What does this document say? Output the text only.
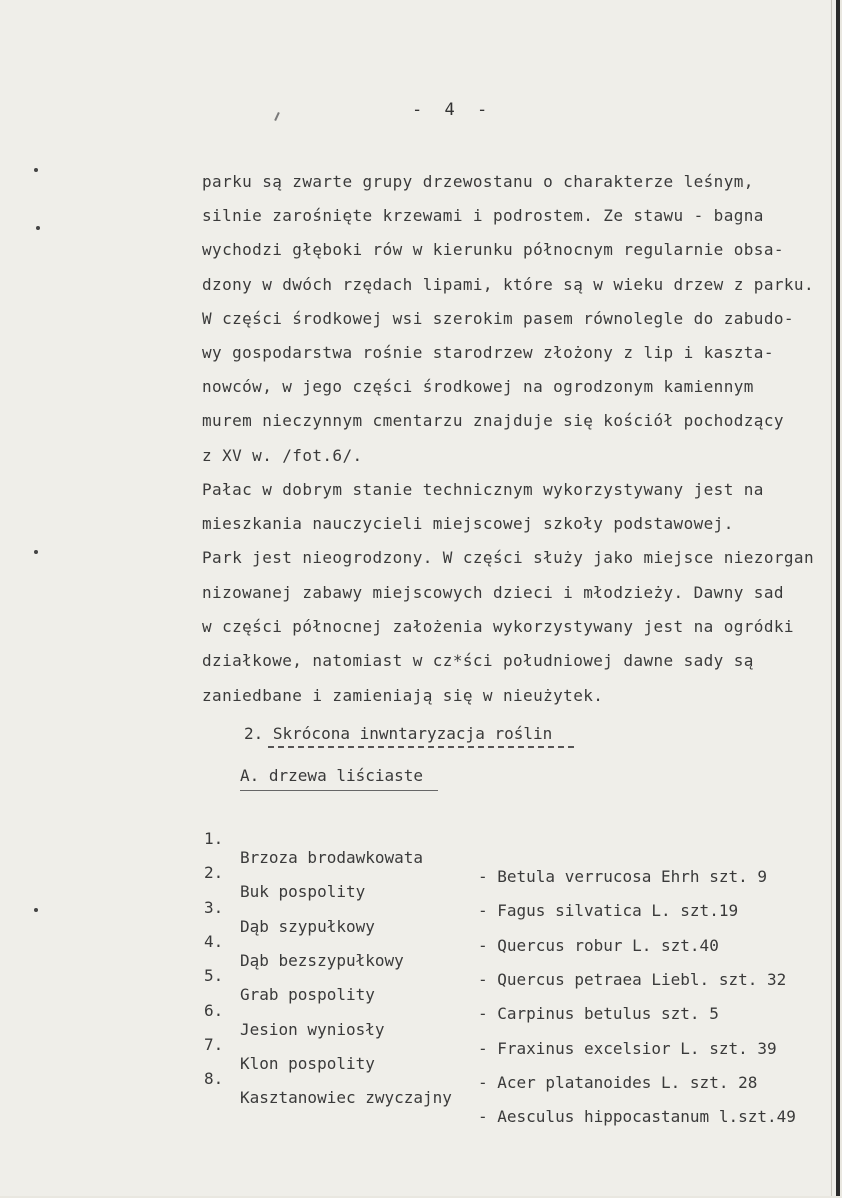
- 4 -
parku są zwarte grupy drzewostanu o charakterze leśnym,
silnie zarośnięte krzewami i podrostem. Ze stawu - bagna
wychodzi głęboki rów w kierunku północnym regularnie obsa-
dzony w dwóch rzędach lipami, które są w wieku drzew z parku.
W części środkowej wsi szerokim pasem równolegle do zabudo-
wy gospodarstwa rośnie starodrzew złożony z lip i kaszta-
nowców, w jego części środkowej na ogrodzonym kamiennym
murem nieczynnym cmentarzu znajduje się kościół pochodzący
z XV w. /fot.6/.
Pałac w dobrym stanie technicznym wykorzystywany jest na
mieszkania nauczycieli miejscowej szkoły podstawowej.
Park jest nieogrodzony. W części służy jako miejsce niezorgan
nizowanej zabawy miejscowych dzieci i młodzieży. Dawny sad
w części północnej założenia wykorzystywany jest na ogródki
działkowe, natomiast w cz*ści południowej dawne sady są
zaniedbane i zamieniają się w nieużytek.
2. Skrócona inwntaryzacja roślin
A. drzewa liściaste

1.

Brzoza brodawkowata

- Betula verrucosa Ehrh szt. 9

2.

Buk pospolity

- Fagus silvatica L. szt.19

3.

Dąb szypułkowy

- Quercus robur L. szt.40

4.

Dąb bezszypułkowy

- Quercus petraea Liebl. szt. 32

5.

Grab pospolity

- Carpinus betulus szt. 5

6.

Jesion wyniosły

- Fraxinus excelsior L. szt. 39

7.

Klon pospolity

- Acer platanoides L. szt. 28

8.

Kasztanowiec zwyczajny

- Aesculus hippocastanum l.szt.49
